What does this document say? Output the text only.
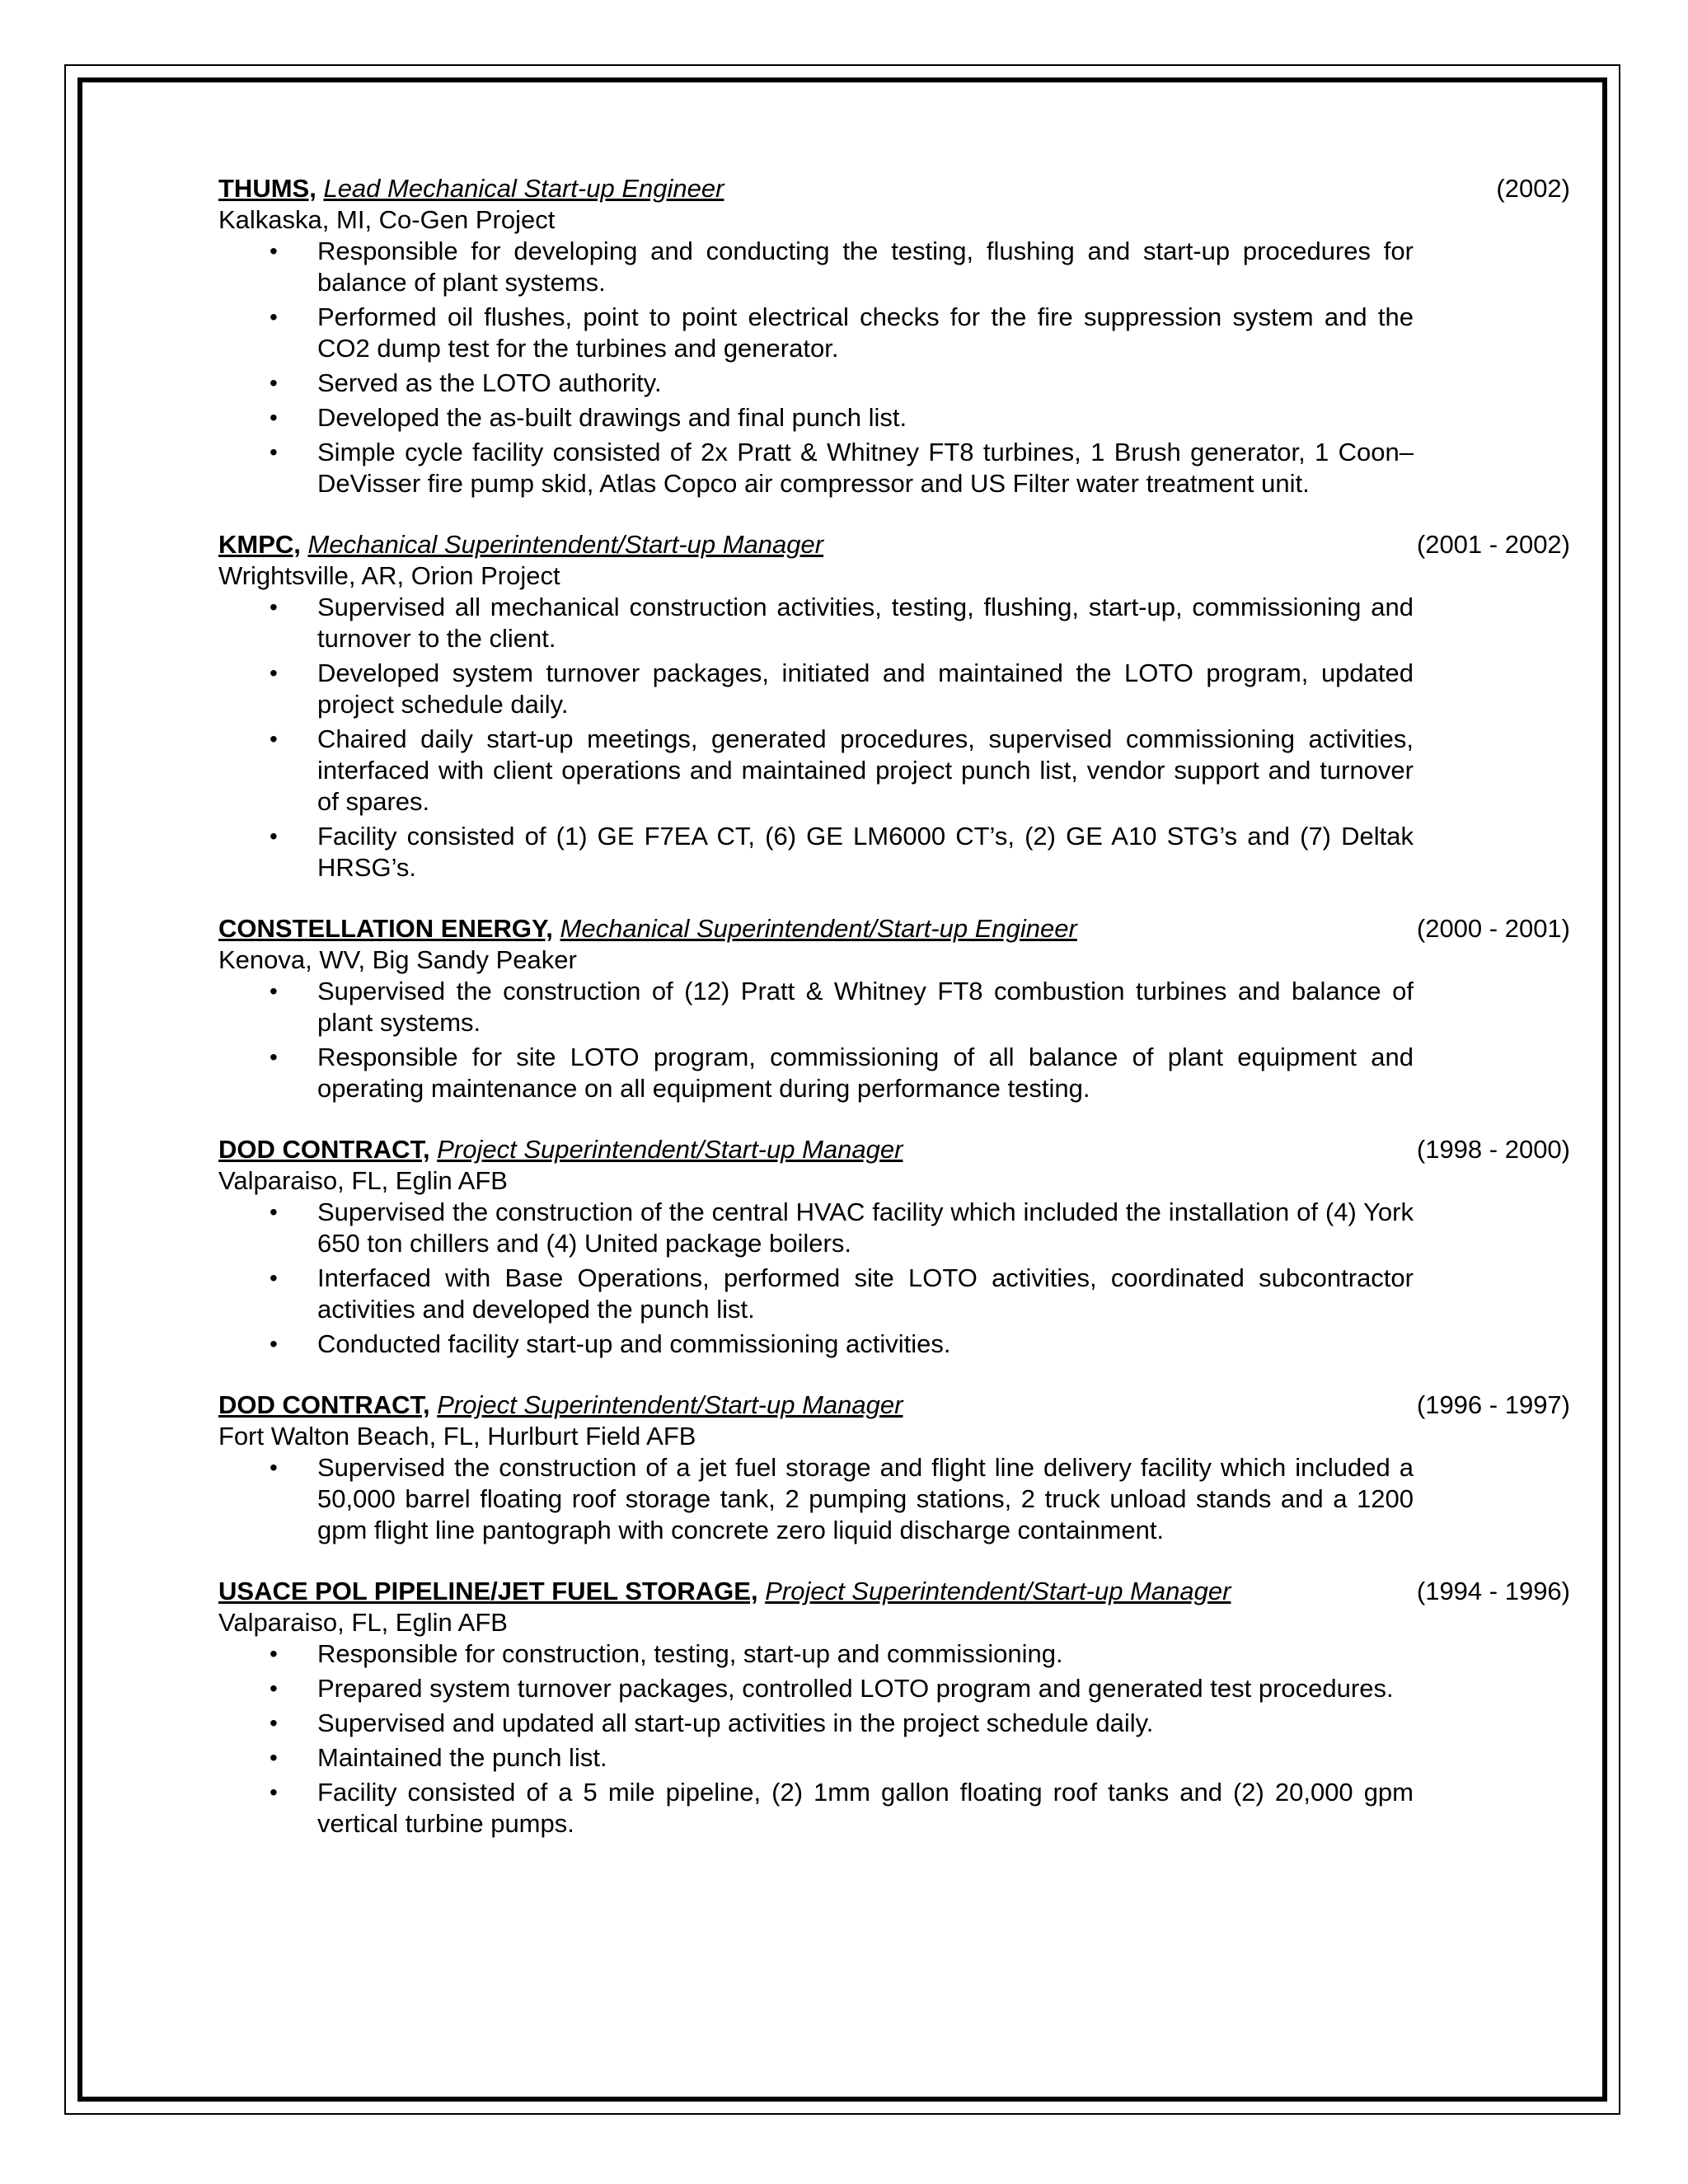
THUMS, Lead Mechanical Start-up Engineer	(2002)
Kalkaska, MI, Co-Gen Project
• Responsible for developing and conducting the testing, flushing and start-up procedures for balance of plant systems.
• Performed oil flushes, point to point electrical checks for the fire suppression system and the CO2 dump test for the turbines and generator.
• Served as the LOTO authority.
• Developed the as-built drawings and final punch list.
• Simple cycle facility consisted of 2x Pratt & Whitney FT8 turbines, 1 Brush generator, 1 Coon– DeVisser fire pump skid, Atlas Copco air compressor and US Filter water treatment unit.
KMPC, Mechanical Superintendent/Start-up Manager	(2001 - 2002)
Wrightsville, AR, Orion Project
• Supervised all mechanical construction activities, testing, flushing, start-up, commissioning and turnover to the client.
• Developed system turnover packages, initiated and maintained the LOTO program, updated project schedule daily.
• Chaired daily start-up meetings, generated procedures, supervised commissioning activities, interfaced with client operations and maintained project punch list, vendor support and turnover of spares.
• Facility consisted of (1) GE F7EA CT, (6) GE LM6000 CT’s, (2) GE A10 STG’s and (7) Deltak HRSG’s.
CONSTELLATION ENERGY, Mechanical Superintendent/Start-up Engineer	(2000 - 2001)
Kenova, WV, Big Sandy Peaker
• Supervised the construction of (12) Pratt & Whitney FT8 combustion turbines and balance of plant systems.
• Responsible for site LOTO program, commissioning of all balance of plant equipment and operating maintenance on all equipment during performance testing.
DOD CONTRACT, Project Superintendent/Start-up Manager	(1998 - 2000)
Valparaiso, FL, Eglin AFB
• Supervised the construction of the central HVAC facility which included the installation of (4) York 650 ton chillers and (4) United package boilers.
• Interfaced with Base Operations, performed site LOTO activities, coordinated subcontractor activities and developed the punch list.
• Conducted facility start-up and commissioning activities.
DOD CONTRACT, Project Superintendent/Start-up Manager	(1996 - 1997)
Fort Walton Beach, FL, Hurlburt Field AFB
• Supervised the construction of a jet fuel storage and flight line delivery facility which included a 50,000 barrel floating roof storage tank, 2 pumping stations, 2 truck unload stands and a 1200 gpm flight line pantograph with concrete zero liquid discharge containment.
USACE POL PIPELINE/JET FUEL STORAGE, Project Superintendent/Start-up Manager	(1994 - 1996)
Valparaiso, FL, Eglin AFB
• Responsible for construction, testing, start-up and commissioning.
• Prepared system turnover packages, controlled LOTO program and generated test procedures.
• Supervised and updated all start-up activities in the project schedule daily.
• Maintained the punch list.
• Facility consisted of a 5 mile pipeline, (2) 1mm gallon floating roof tanks and (2) 20,000 gpm vertical turbine pumps.
